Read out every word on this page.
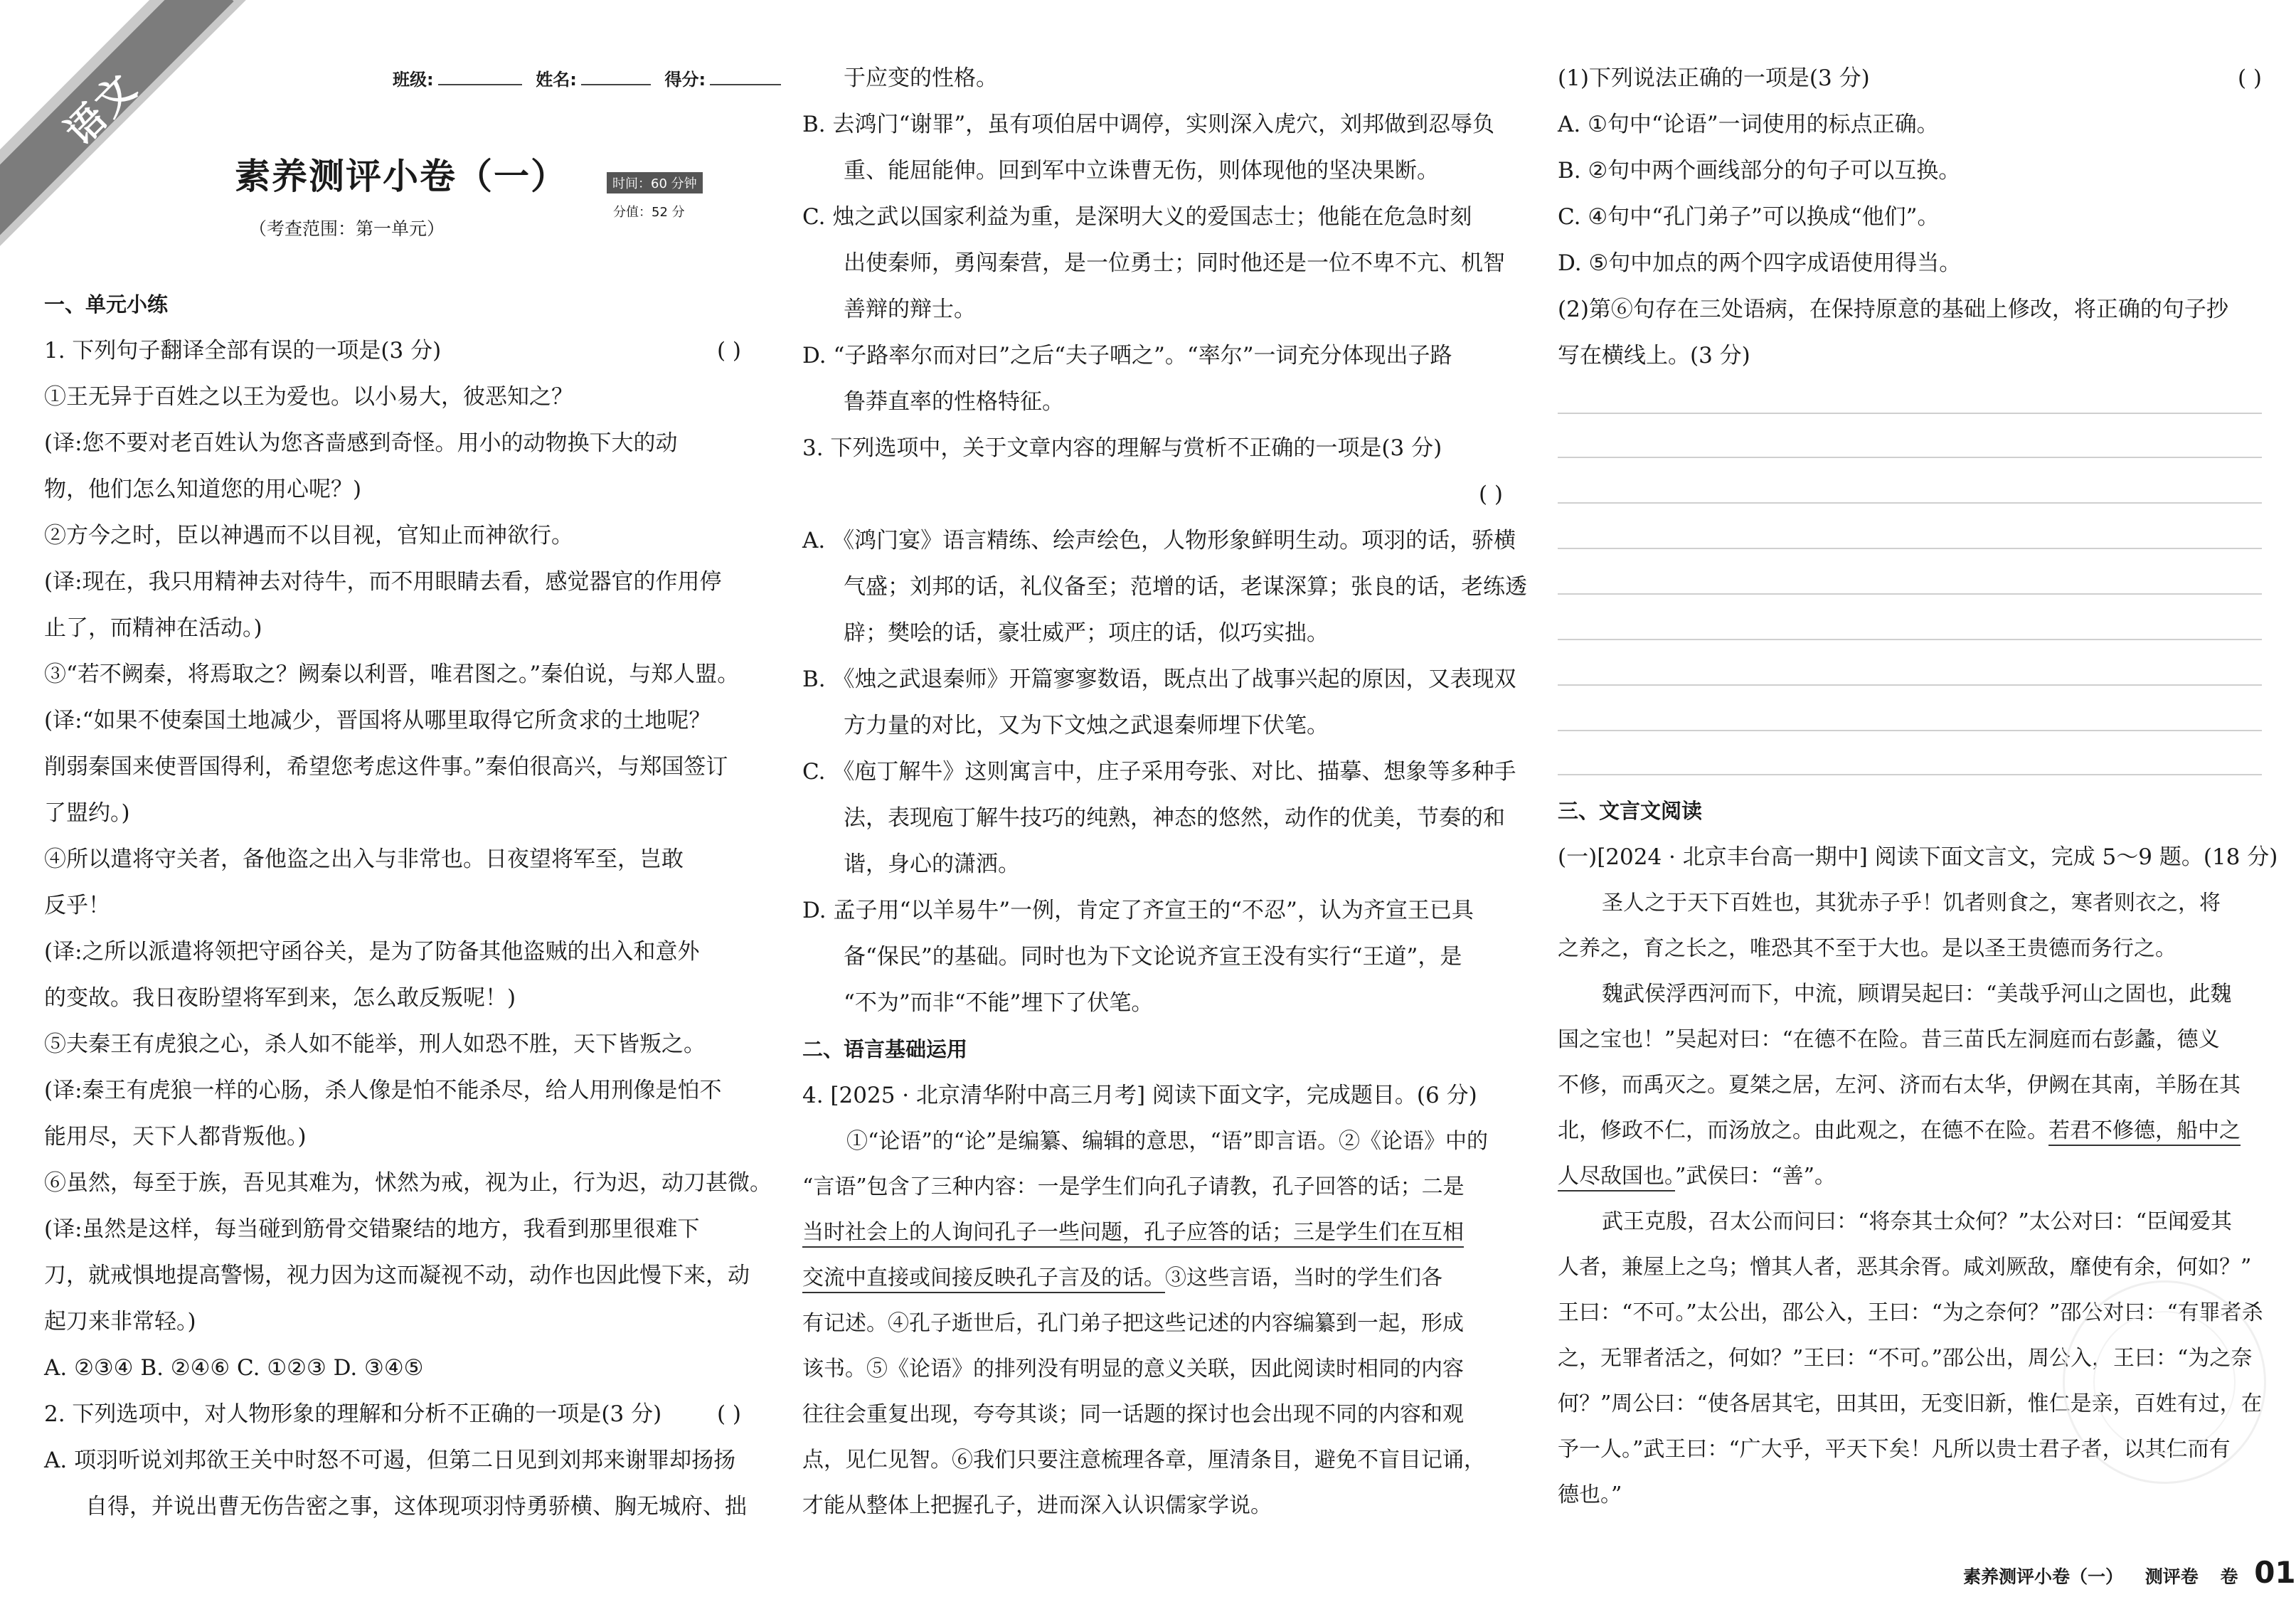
语文	班级:	姓名:	得分:
素养测评小卷（一）	时间：60 分钟
分值：52 分
（考查范围：第一单元）

一、单元小练

1. 下列句子翻译全部有误的一项是(3 分)	( )

①王无异于百姓之以王为爱也。以小易大，彼恶知之？

(译:您不要对老百姓认为您吝啬感到奇怪。用小的动物换下大的动

物，他们怎么知道您的用心呢？)

②方今之时，臣以神遇而不以目视，官知止而神欲行。

(译:现在，我只用精神去对待牛，而不用眼睛去看，感觉器官的作用停

止了，而精神在活动。)

③“若不阙秦，将焉取之？阙秦以利晋，唯君图之。”秦伯说，与郑人盟。

(译:“如果不使秦国土地减少，晋国将从哪里取得它所贪求的土地呢？

削弱秦国来使晋国得利，希望您考虑这件事。”秦伯很高兴，与郑国签订

了盟约。)

④所以遣将守关者，备他盗之出入与非常也。日夜望将军至，岂敢

反乎！

(译:之所以派遣将领把守函谷关，是为了防备其他盗贼的出入和意外

的变故。我日夜盼望将军到来，怎么敢反叛呢！)

⑤夫秦王有虎狼之心，杀人如不能举，刑人如恐不胜，天下皆叛之。

(译:秦王有虎狼一样的心肠，杀人像是怕不能杀尽，给人用刑像是怕不

能用尽，天下人都背叛他。)

⑥虽然，每至于族，吾见其难为，怵然为戒，视为止，行为迟，动刀甚微。

(译:虽然是这样，每当碰到筋骨交错聚结的地方，我看到那里很难下

刀，就戒惧地提高警惕，视力因为这而凝视不动，动作也因此慢下来，动

起刀来非常轻。)

A. ②③④ B. ②④⑥ C. ①②③ D. ③④⑤

2. 下列选项中，对人物形象的理解和分析不正确的一项是(3 分)	( )

A. 项羽听说刘邦欲王关中时怒不可遏，但第二日见到刘邦来谢罪却扬扬

自得，并说出曹无伤告密之事，这体现项羽恃勇骄横、胸无城府、拙

于应变的性格。

B. 去鸿门“谢罪”，虽有项伯居中调停，实则深入虎穴，刘邦做到忍辱负

重、能屈能伸。回到军中立诛曹无伤，则体现他的坚决果断。

C. 烛之武以国家利益为重，是深明大义的爱国志士；他能在危急时刻

出使秦师，勇闯秦营，是一位勇士；同时他还是一位不卑不亢、机智

善辩的辩士。

D. “子路率尔而对曰”之后“夫子哂之”。“率尔”一词充分体现出子路

鲁莽直率的性格特征。

3. 下列选项中，关于文章内容的理解与赏析不正确的一项是(3 分)

( )

A. 《鸿门宴》语言精练、绘声绘色，人物形象鲜明生动。项羽的话，骄横

气盛；刘邦的话，礼仪备至；范增的话，老谋深算；张良的话，老练透

辟；樊哙的话，豪壮威严；项庄的话，似巧实拙。

B. 《烛之武退秦师》开篇寥寥数语，既点出了战事兴起的原因，又表现双

方力量的对比，又为下文烛之武退秦师埋下伏笔。

C. 《庖丁解牛》这则寓言中，庄子采用夸张、对比、描摹、想象等多种手

法，表现庖丁解牛技巧的纯熟，神态的悠然，动作的优美，节奏的和

谐，身心的潇洒。

D. 孟子用“以羊易牛”一例，肯定了齐宣王的“不忍”，认为齐宣王已具

备“保民”的基础。同时也为下文论说齐宣王没有实行“王道”，是

“不为”而非“不能”埋下了伏笔。

二、语言基础运用

4. [2025 · 北京清华附中高三月考] 阅读下面文字，完成题目。(6 分)

①“论语”的“论”是编纂、编辑的意思，“语”即言语。②《论语》中的

“言语”包含了三种内容：一是学生们向孔子请教，孔子回答的话；二是

当时社会上的人询问孔子一些问题，孔子应答的话；三是学生们在互相

交流中直接或间接反映孔子言及的话。③这些言语，当时的学生们各

有记述。④孔子逝世后，孔门弟子把这些记述的内容编纂到一起，形成

该书。⑤《论语》的排列没有明显的意义关联，因此阅读时相同的内容

往往会重复出现，夸夸其谈；同一话题的探讨也会出现不同的内容和观

点，见仁见智。⑥我们只要注意梳理各章，厘清条目，避免不盲目记诵，

才能从整体上把握孔子，进而深入认识儒家学说。

(1)下列说法正确的一项是(3 分)	( )

A. ①句中“论语”一词使用的标点正确。

B. ②句中两个画线部分的句子可以互换。

C. ④句中“孔门弟子”可以换成“他们”。

D. ⑤句中加点的两个四字成语使用得当。

(2)第⑥句存在三处语病，在保持原意的基础上修改，将正确的句子抄

写在横线上。(3 分)

三、文言文阅读

(一)[2024 · 北京丰台高一期中] 阅读下面文言文，完成 5～9 题。(18 分)

圣人之于天下百姓也，其犹赤子乎！饥者则食之，寒者则衣之，将

之养之，育之长之，唯恐其不至于大也。是以圣王贵德而务行之。

魏武侯浮西河而下，中流，顾谓吴起曰：“美哉乎河山之固也，此魏

国之宝也！”吴起对曰：“在德不在险。昔三苗氏左洞庭而右彭蠡，德义

不修，而禹灭之。夏桀之居，左河、济而右太华，伊阙在其南，羊肠在其

北，修政不仁，而汤放之。由此观之，在德不在险。若君不修德，船中之

人尽敌国也。”武侯曰：“善”。

武王克殷，召太公而问曰：“将奈其士众何？”太公对曰：“臣闻爱其

人者，兼屋上之乌；憎其人者，恶其余胥。咸刘厥敌，靡使有余，何如？”

王曰：“不可。”太公出，邵公入，王曰：“为之奈何？”邵公对曰：“有罪者杀

之，无罪者活之，何如？”王曰：“不可。”邵公出，周公入，王曰：“为之奈

何？”周公曰：“使各居其宅，田其田，无变旧新，惟仁是亲，百姓有过，在

予一人。”武王曰：“广大乎，平天下矣！凡所以贵士君子者，以其仁而有

德也。”

素养测评小卷（一） 测评卷 卷 01
